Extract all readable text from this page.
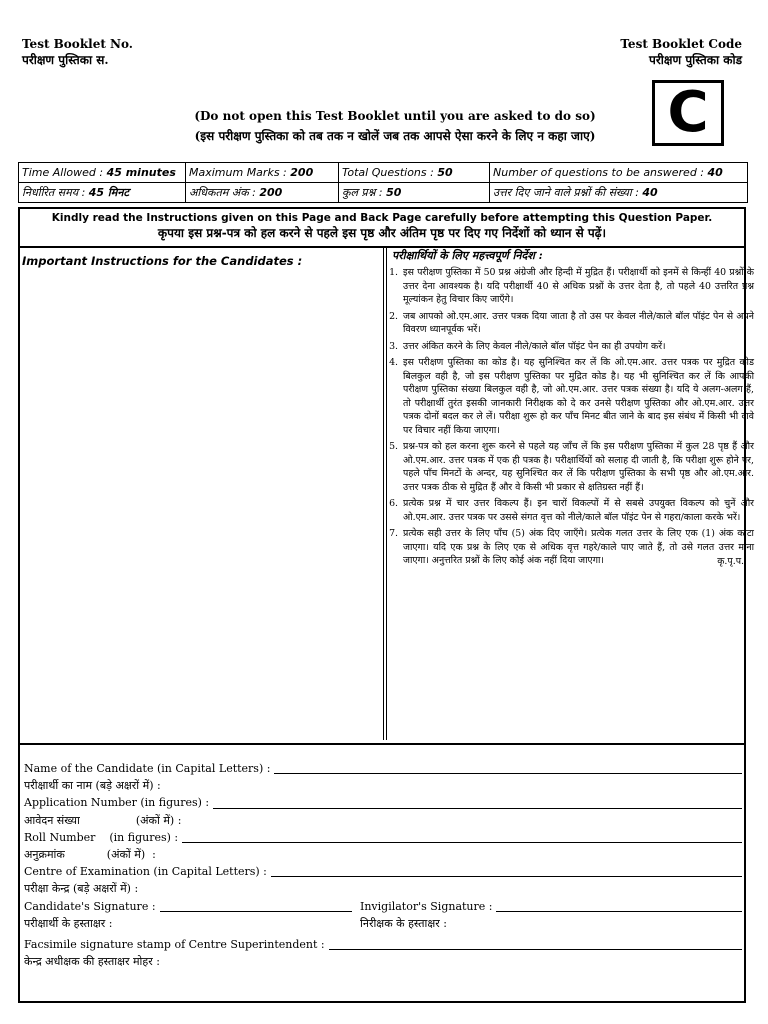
Test Booklet No.
परीक्षण पुस्तिका स.
Test Booklet Code
परीक्षण पुस्तिका कोड
(Do not open this Test Booklet until you are asked to do so)
(इस परीक्षण पुस्तिका को तब तक न खोलें जब तक आपसे ऐसा करने के लिए न कहा जाए)	C
Time Allowed : 45 minutes	Maximum Marks : 200	Total Questions : 50	Number of questions to be answered : 40
निर्धारित समय : 45 मिनट	अधिकतम अंक : 200	कुल प्रश्न : 50	उत्तर दिए जाने वाले प्रश्नों की संख्या : 40
Kindly read the Instructions given on this Page and Back Page carefully before attempting this Question Paper.
कृपया इस प्रश्न-पत्र को हल करने से पहले इस पृष्ठ और अंतिम पृष्ठ पर दिए गए निर्देशों को ध्यान से पढ़ें।
Important Instructions for the Candidates :	परीक्षार्थियों के लिए महत्त्वपूर्ण निर्देश :
1. इस परीक्षण पुस्तिका में 50 प्रश्न अंग्रेजी और हिन्दी में मुद्रित हैं। परीक्षार्थी को इनमें से किन्हीं 40 प्रश्नों के उत्तर देना आवश्यक है। यदि परीक्षार्थी 40 से अधिक प्रश्नों के उत्तर देता है, तो पहले 40 उत्तरित प्रश्न मूल्यांकन हेतु विचार किए जाएँगे।
2. जब आपको ओ.एम.आर. उत्तर पत्रक दिया जाता है तो उस पर केवल नीले/काले बॉल पॉइंट पेन से अपने विवरण ध्यानपूर्वक भरें।
3. उत्तर अंकित करने के लिए केवल नीले/काले बॉल पॉइंट पेन का ही उपयोग करें।
4. इस परीक्षण पुस्तिका का कोड है। यह सुनिश्चित कर लें कि ओ.एम.आर. उत्तर पत्रक पर मुद्रित कोड बिलकुल वही है, जो इस परीक्षण पुस्तिका पर मुद्रित कोड है। यह भी सुनिश्चित कर लें कि आपकी परीक्षण पुस्तिका संख्या बिलकुल वही है, जो ओ.एम.आर. उत्तर पत्रक संख्या है। यदि ये अलग-अलग हैं, तो परीक्षार्थी तुरंत इसकी जानकारी निरीक्षक को दे कर उनसे परीक्षण पुस्तिका और ओ.एम.आर. उत्तर पत्रक दोनों बदल कर ले लें। परीक्षा शुरू हो कर पाँच मिनट बीत जाने के बाद इस संबंध में किसी भी दावे पर विचार नहीं किया जाएगा।
5. प्रश्न-पत्र को हल करना शुरू करने से पहले यह जाँच लें कि इस परीक्षण पुस्तिका में कुल 28 पृष्ठ हैं और ओ.एम.आर. उत्तर पत्रक में एक ही पत्रक है। परीक्षार्थियों को सलाह दी जाती है, कि परीक्षा शुरू होने पर, पहले पाँच मिनटों के अन्दर, यह सुनिश्चित कर लें कि परीक्षण पुस्तिका के सभी पृष्ठ और ओ.एम.आर. उत्तर पत्रक ठीक से मुद्रित हैं और वे किसी भी प्रकार से क्षतिग्रस्त नहीं हैं।
6. प्रत्येक प्रश्न में चार उत्तर विकल्प हैं। इन चारों विकल्पों में से सबसे उपयुक्त विकल्प को चुनें और ओ.एम.आर. उत्तर पत्रक पर उससे संगत वृत्त को नीले/काले बॉल पॉइंट पेन से गहरा/काला करके भरें।
7. प्रत्येक सही उत्तर के लिए पाँच (5) अंक दिए जाएँगे। प्रत्येक गलत उत्तर के लिए एक (1) अंक काटा जाएगा। यदि एक प्रश्न के लिए एक से अधिक वृत्त गहरे/काले पाए जाते हैं, तो उसे गलत उत्तर माना जाएगा। अनुत्तरित प्रश्नों के लिए कोई अंक नहीं दिया जाएगा।	कृ.पृ.प.
Name of the Candidate (in Capital Letters) :
परीक्षार्थी का नाम (बड़े अक्षरों में) :
Application Number (in figures) :
आवेदन संख्या                (अंकों में) :
Roll Number    (in figures) :
अनुक्रमांक            (अंकों में)  :
Centre of Examination (in Capital Letters) :
परीक्षा केन्द्र (बड़े अक्षरों में) :
Candidate's Signature :	Invigilator's Signature :
परीक्षार्थी के हस्ताक्षर :	निरीक्षक के हस्ताक्षर :
Facsimile signature stamp of Centre Superintendent :
केन्द्र अधीक्षक की हस्ताक्षर मोहर :
